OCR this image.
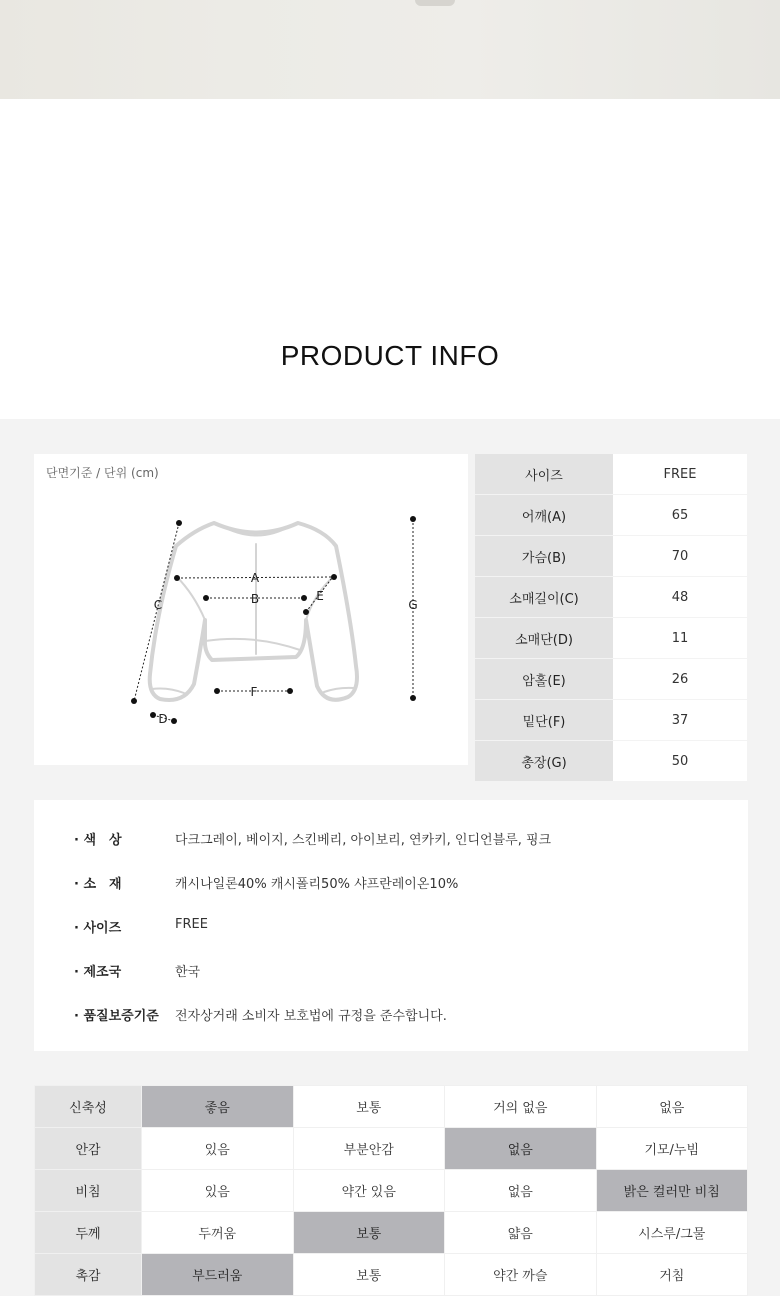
PRODUCT INFO
단면기준 / 단위 (cm)
A
B
C
D
E
F
G
사이즈	FREE
어깨(A)	65
가슴(B)	70
소매길이(C)	48
소매단(D)	11
암홀(E)	26
밑단(F)	37
총장(G)	50
· 색　상	다크그레이, 베이지, 스킨베리, 아이보리, 연카키, 인디언블루, 핑크
· 소　재	캐시나일론40% 캐시폴리50% 샤프란레이온10%
· 사이즈	FREE
· 제조국	한국
· 품질보증기준	전자상거래 소비자 보호법에 규정을 준수합니다.
신축성	좋음	보통	거의 없음	없음
안감	있음	부분안감	없음	기모/누빔
비침	있음	약간 있음	없음	밝은 컬러만 비침
두께	두꺼움	보통	얇음	시스루/그물
촉감	부드러움	보통	약간 까슬	거침
